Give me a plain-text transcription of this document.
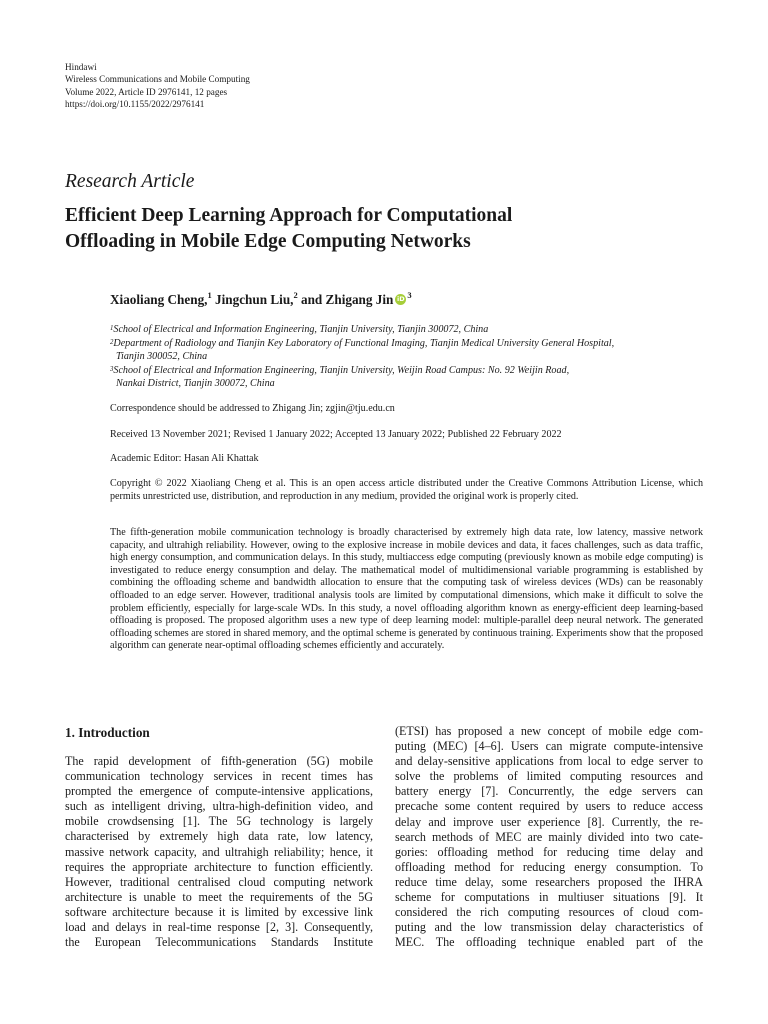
Hindawi
Wireless Communications and Mobile Computing
Volume 2022, Article ID 2976141, 12 pages
https://doi.org/10.1155/2022/2976141
Research Article
Efficient Deep Learning Approach for Computational
Offloading in Mobile Edge Computing Networks
Xiaoliang Cheng,$^1$ Jingchun Liu,$^2$ and Zhigang Jin iD $^3$
$^1$School of Electrical and Information Engineering, Tianjin University, Tianjin 300072, China
$^2$Department of Radiology and Tianjin Key Laboratory of Functional Imaging, Tianjin Medical University General Hospital,
Tianjin 300052, China
$^3$School of Electrical and Information Engineering, Tianjin University, Weijin Road Campus: No. 92 Weijin Road,
Nankai District, Tianjin 300072, China
Correspondence should be addressed to Zhigang Jin; zgjin@tju.edu.cn
Received 13 November 2021; Revised 1 January 2022; Accepted 13 January 2022; Published 22 February 2022
Academic Editor: Hasan Ali Khattak
Copyright © 2022 Xiaoliang Cheng et al. This is an open access article distributed under the Creative Commons Attribution License, which permits unrestricted use, distribution, and reproduction in any medium, provided the original work is properly cited.
The fifth-generation mobile communication technology is broadly characterised by extremely high data rate, low latency, massive network capacity, and ultrahigh reliability. However, owing to the explosive increase in mobile devices and data, it faces challenges, such as data traffic, high energy consumption, and communication delays. In this study, multiaccess edge computing (previously known as mobile edge computing) is investigated to reduce energy consumption and delay. The mathematical model of multidimensional variable programming is established by combining the offloading scheme and bandwidth allocation to ensure that the computing task of wireless devices (WDs) can be reasonably offloaded to an edge server. However, traditional analysis tools are limited by computational dimensions, which make it difficult to solve the problem efficiently, especially for large-scale WDs. In this study, a novel offloading algorithm known as energy-efficient deep learning-based offloading is proposed. The proposed algorithm uses a new type of deep learning model: multiple-parallel deep neural network. The generated offloading schemes are stored in shared memory, and the optimal scheme is generated by continuous training. Experiments show that the proposed algorithm can generate near-optimal offloading schemes efficiently and accurately.
1. Introduction
The rapid development of fifth-generation (5G) mobile
communication technology services in recent times has
prompted the emergence of compute-intensive applications,
such as intelligent driving, ultra-high-definition video, and
mobile crowdsensing [1]. The 5G technology is largely
characterised by extremely high data rate, low latency,
massive network capacity, and ultrahigh reliability; hence, it
requires the appropriate architecture to function efficiently.
However, traditional centralised cloud computing network
architecture is unable to meet the requirements of the 5G
software architecture because it is limited by excessive link
load and delays in real-time response [2, 3]. Consequently,
the European Telecommunications Standards Institute
(ETSI) has proposed a new concept of mobile edge com-
puting (MEC) [4–6]. Users can migrate compute-intensive
and delay-sensitive applications from local to edge server to
solve the problems of limited computing resources and
battery energy [7]. Concurrently, the edge servers can
precache some content required by users to reduce access
delay and improve user experience [8]. Currently, the re-
search methods of MEC are mainly divided into two cate-
gories: offloading method for reducing time delay and
offloading method for reducing energy consumption. To
reduce time delay, some researchers proposed the IHRA
scheme for computations in multiuser situations [9]. It
considered the rich computing resources of cloud com-
puting and the low transmission delay characteristics of
MEC. The offloading technique enabled part of the
